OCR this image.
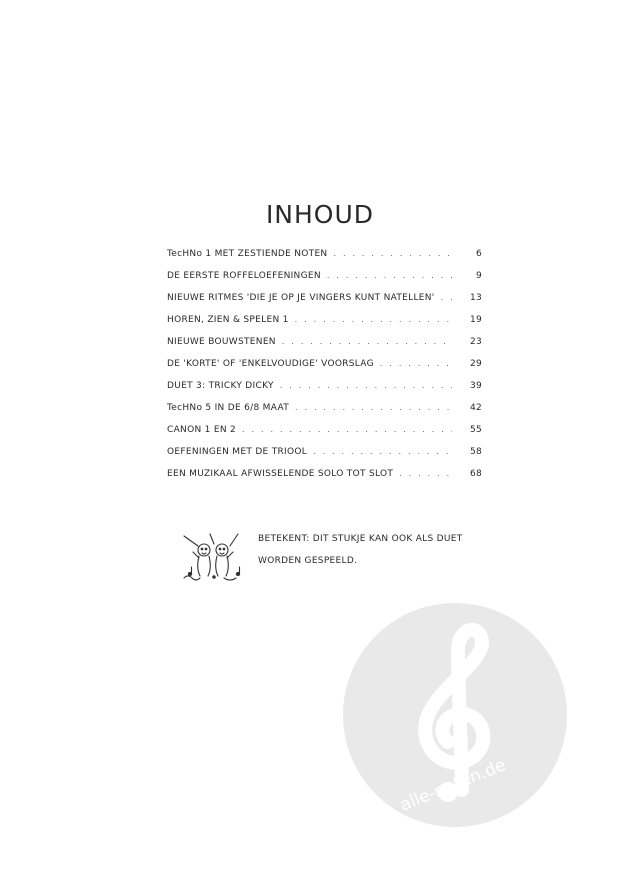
INHOUD
TecHNo 1 MET ZESTIENDE NOTEN . . .	6
DE EERSTE ROFFELOEFENINGEN . . .	9
NIEUWE RITMES 'DIE JE OP JE VINGERS KUNT NATELLEN' . . .	13
HOREN, ZIEN & SPELEN 1 . . .	19
NIEUWE BOUWSTENEN . . .	23
DE 'KORTE' OF 'ENKELVOUDIGE' VOORSLAG . . .	29
DUET 3: TRICKY DICKY . . .	39
TecHNo 5 IN DE 6/8 MAAT . . .	42
CANON 1 EN 2 . . .	55
OEFENINGEN MET DE TRIOOL . . .	58
EEN MUZIKAAL AFWISSELENDE SOLO TOT SLOT . . .	68
BETEKENT: DIT STUKJE KAN OOK ALS DUET WORDEN GESPEELD.
alle-noten.de
